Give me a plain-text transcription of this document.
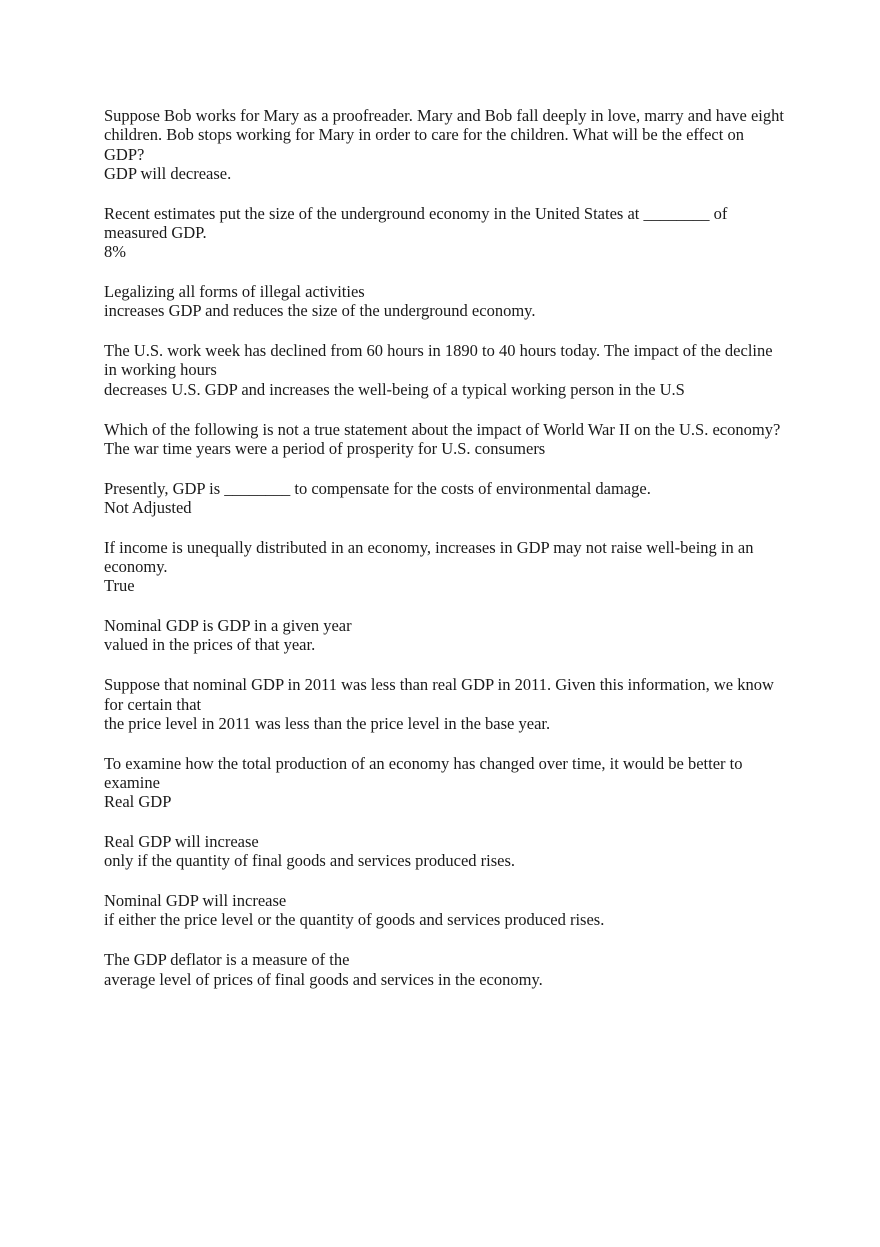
Suppose Bob works for Mary as a proofreader. Mary and Bob fall deeply in love, marry and have eight children. Bob stops working for Mary in order to care for the children. What will be the effect on GDP?
GDP will decrease.
Recent estimates put the size of the underground economy in the United States at ________ of measured GDP.
8%
Legalizing all forms of illegal activities
increases GDP and reduces the size of the underground economy.
The U.S. work week has declined from 60 hours in 1890 to 40 hours today. The impact of the decline in working hours
decreases U.S. GDP and increases the well-being of a typical working person in the U.S
Which of the following is not a true statement about the impact of World War II on the U.S. economy?
The war time years were a period of prosperity for U.S. consumers
Presently, GDP is ________ to compensate for the costs of environmental damage.
Not Adjusted
If income is unequally distributed in an economy, increases in GDP may not raise well-being in an economy.
True
Nominal GDP is GDP in a given year
valued in the prices of that year.
Suppose that nominal GDP in 2011 was less than real GDP in 2011. Given this information, we know for certain that
the price level in 2011 was less than the price level in the base year.
To examine how the total production of an economy has changed over time, it would be better to examine
Real GDP
Real GDP will increase
only if the quantity of final goods and services produced rises.
Nominal GDP will increase
if either the price level or the quantity of goods and services produced rises.
The GDP deflator is a measure of the
average level of prices of final goods and services in the economy.
